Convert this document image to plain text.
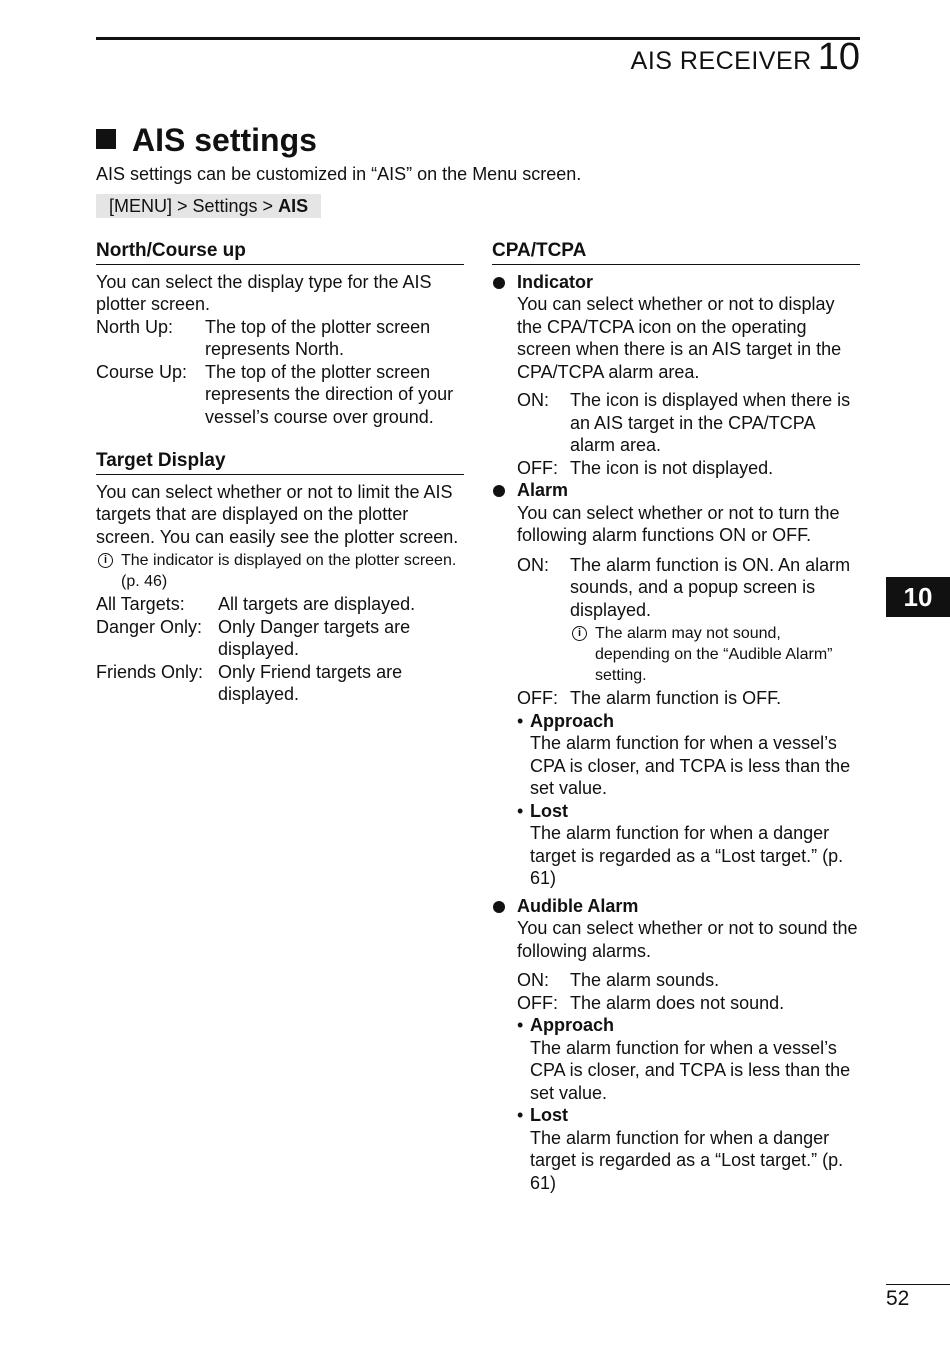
AIS RECEIVER 10
AIS settings
AIS settings can be customized in “AIS” on the Menu screen.
[MENU] > Settings > AIS
North/Course up
You can select the display type for the AIS plotter screen.
North Up:	The top of the plotter screen represents North.
Course Up:	The top of the plotter screen represents the direction of your vessel’s course over ground.
Target Display
You can select whether or not to limit the AIS targets that are displayed on the plotter screen. You can easily see the plotter screen.
i The indicator is displayed on the plotter screen. (p. 46)
All Targets:	All targets are displayed.
Danger Only:	Only Danger targets are displayed.
Friends Only:	Only Friend targets are displayed.
CPA/TCPA
Indicator
You can select whether or not to display the CPA/TCPA icon on the operating screen when there is an AIS target in the CPA/TCPA alarm area.
ON:	The icon is displayed when there is an AIS target in the CPA/TCPA alarm area.
OFF:	The icon is not displayed.
Alarm
You can select whether or not to turn the following alarm functions ON or OFF.
ON:	The alarm function is ON. An alarm sounds, and a popup screen is displayed.
i The alarm may not sound, depending on the “Audible Alarm” setting.

OFF:	The alarm function is OFF.
• Approach
The alarm function for when a vessel’s CPA is closer, and TCPA is less than the set value.
• Lost
The alarm function for when a danger target is regarded as a “Lost target.” (p. 61)
Audible Alarm
You can select whether or not to sound the following alarms.
ON:	The alarm sounds.
OFF:	The alarm does not sound.
• Approach
The alarm function for when a vessel’s CPA is closer, and TCPA is less than the set value.
• Lost
The alarm function for when a danger target is regarded as a “Lost target.” (p. 61)
10
52
